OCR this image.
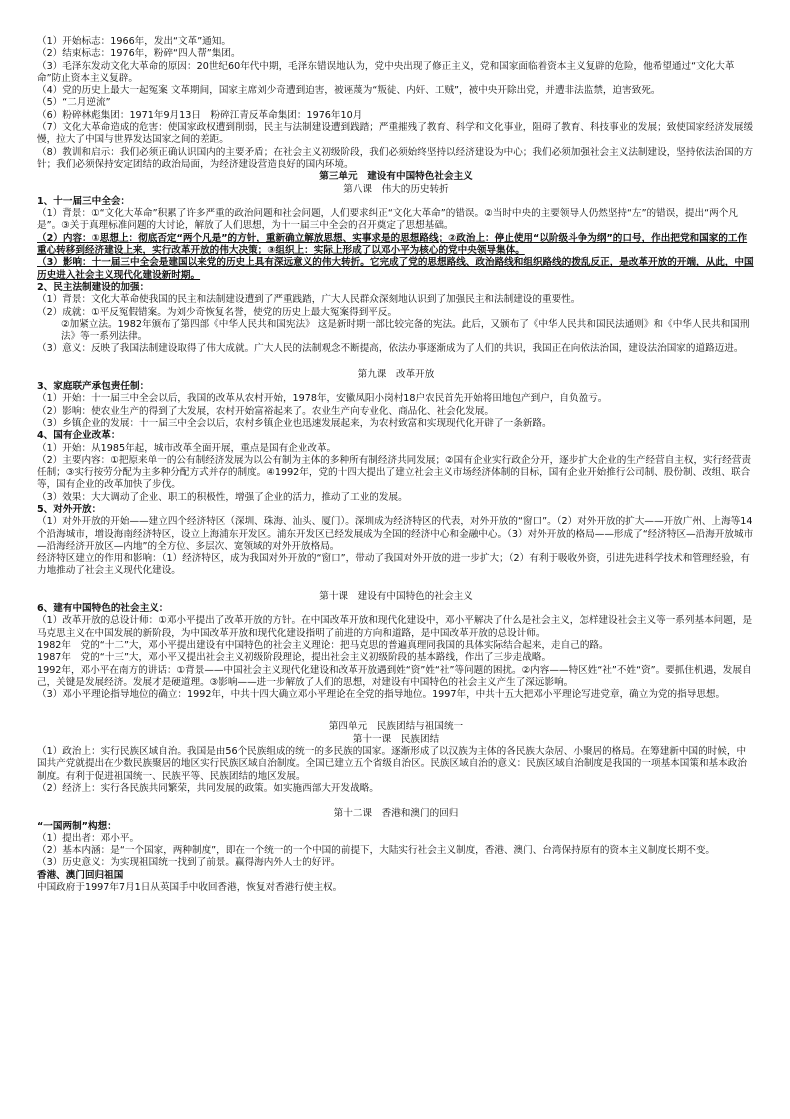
（1）开始标志：1966年，发出“文革”通知。

（2）结束标志：1976年，粉碎“四人帮”集团。

（3）毛泽东发动文化大革命的原因：20世纪60年代中期，毛泽东错误地认为，党中央出现了修正主义，党和国家面临着资本主义复辟的危险，他希望通过“文化大革命”防止资本主义复辟。

（4）党的历史上最大一起冤案 文革期间，国家主席刘少奇遭到迫害，被诬蔑为“叛徒、内奸、工贼”，被中央开除出党，并遭非法监禁，迫害致死。

（5）“二月逆流”

（6）粉碎林彪集团：1971年9月13日　粉碎江青反革命集团：1976年10月

（7）文化大革命造成的危害：使国家政权遭到削弱，民主与法制建设遭到践踏；严重摧残了教育、科学和文化事业，阻碍了教育、科技事业的发展；致使国家经济发展缓慢，拉大了中国与世界发达国家之间的差距。

（8）教训和启示：我们必须正确认识国内的主要矛盾；在社会主义初级阶段，我们必须始终坚持以经济建设为中心；我们必须加强社会主义法制建设，坚持依法治国的方针；我们必须保持安定团结的政治局面，为经济建设营造良好的国内环境。

第三单元　建设有中国特色社会主义

第八课　伟大的历史转折

1、十一届三中全会：

（1）背景：①“文化大革命”积累了许多严重的政治问题和社会问题，人们要求纠正“文化大革命”的错误。②当时中央的主要领导人仍然坚持“左”的错误，提出“两个凡是”。③关于真理标准问题的大讨论，解放了人们思想，为十一届三中全会的召开奠定了思想基础。

（2）内容：①思想上：彻底否定“两个凡是”的方针，重新确立解放思想、实事求是的思想路线；②政治上：停止使用“以阶级斗争为纲”的口号，作出把党和国家的工作重心转移到经济建设上来，实行改革开放的伟大决策；③组织上：实际上形成了以邓小平为核心的党中央领导集体。

（3）影响：十一届三中全会是建国以来党的历史上具有深远意义的伟大转折。它完成了党的思想路线、政治路线和组织路线的拨乱反正，是改革开放的开端，从此，中国历史进入社会主义现代化建设新时期。

2、民主法制建设的加强：

（1）背景：文化大革命使我国的民主和法制建设遭到了严重践踏，广大人民群众深刻地认识到了加强民主和法制建设的重要性。

（2）成就：①平反冤假错案。为刘少奇恢复名誉，使党的历史上最大冤案得到平反。

②加紧立法。1982年颁布了第四部《中华人民共和国宪法》 这是新时期一部比较完备的宪法。此后，又颁布了《中华人民共和国民法通则》和《中华人民共和国刑法》等一系列法律。

（3）意义：反映了我国法制建设取得了伟大成就。广大人民的法制观念不断提高，依法办事逐渐成为了人们的共识，我国正在向依法治国，建设法治国家的道路迈进。

第九课　改革开放

3、家庭联产承包责任制：

（1）开始：十一届三中全会以后，我国的改革从农村开始，1978年，安徽凤阳小岗村18户农民首先开始将田地包产到户，自负盈亏。

（2）影响：使农业生产的得到了大发展，农村开始富裕起来了。农业生产向专业化、商品化、社会化发展。

（3）乡镇企业的发展：十一届三中全会以后，农村乡镇企业也迅速发展起来，为农村致富和实现现代化开辟了一条新路。

4、国有企业改革：

（1）开始：从1985年起，城市改革全面开展，重点是国有企业改革。

（2）主要内容：①把原来单一的公有制经济发展为以公有制为主体的多种所有制经济共同发展；②国有企业实行政企分开，逐步扩大企业的生产经营自主权，实行经营责任制；③实行按劳分配为主多种分配方式并存的制度。④1992年，党的十四大提出了建立社会主义市场经济体制的目标，国有企业开始推行公司制、股份制、改组、联合等，国有企业的改革加快了步伐。

（3）效果：大大调动了企业、职工的积极性，增强了企业的活力，推动了工业的发展。

5、对外开放：

（1）对外开放的开始——建立四个经济特区（深圳、珠海、汕头、厦门）。深圳成为经济特区的代表，对外开放的“窗口”。（2）对外开放的扩大——开放广州、上海等14个沿海城市，增设海南经济特区，设立上海浦东开发区。浦东开发区已经发展成为全国的经济中心和金融中心。（3）对外开放的格局——形成了“经济特区—沿海开放城市—沿海经济开放区—内地”的全方位、多层次、宽领域的对外开放格局。

经济特区建立的作用和影响：（1）经济特区，成为我国对外开放的“窗口”，带动了我国对外开放的进一步扩大；（2）有利于吸收外资，引进先进科学技术和管理经验，有力地推动了社会主义现代化建设。

第十课　建设有中国特色的社会主义

6、建有中国特色的社会主义：

（1）改革开放的总设计师：①邓小平提出了改革开放的方针。在中国改革开放和现代化建设中，邓小平解决了什么是社会主义，怎样建设社会主义等一系列基本问题，是马克思主义在中国发展的新阶段，为中国改革开放和现代化建设指明了前进的方向和道路，是中国改革开放的总设计师。

1982年　党的“十二”大，邓小平提出建设有中国特色的社会主义理论：把马克思的普遍真理同我国的具体实际结合起来，走自己的路。

1987年　党的“十三”大，邓小平又提出社会主义初级阶段理论，提出社会主义初级阶段的基本路线，作出了三步走战略。

1992年，邓小平在南方的讲话：①背景——中国社会主义现代化建设和改革开放遇到姓“资”姓“社”等问题的困扰。②内容——特区姓“社”不姓“资”。要抓住机遇，发展自己，关键是发展经济。发展才是硬道理。③影响——进一步解放了人们的思想，对建设有中国特色的社会主义产生了深远影响。

（3）邓小平理论指导地位的确立：1992年，中共十四大确立邓小平理论在全党的指导地位。1997年，中共十五大把邓小平理论写进党章，确立为党的指导思想。

第四单元　民族团结与祖国统一

第十一课　民族团结

（1）政治上：实行民族区域自治。我国是由56个民族组成的统一的多民族的国家。逐渐形成了以汉族为主体的各民族大杂居、小聚居的格局。在筹建新中国的时候，中国共产党就提出在少数民族聚居的地区实行民族区域自治制度。全国已建立五个省级自治区。民族区域自治的意义：民族区域自治制度是我国的一项基本国策和基本政治制度。有利于促进祖国统一、民族平等、民族团结的地区发展。

（2）经济上：实行各民族共同繁荣，共同发展的政策。如实施西部大开发战略。

第十二课　香港和澳门的回归

“一国两制”构想：

（1）提出者：邓小平。

（2）基本内涵：是“一个国家，两种制度”，即在一个统一的一个中国的前提下，大陆实行社会主义制度，香港、澳门、台湾保持原有的资本主义制度长期不变。

（3）历史意义：为实现祖国统一找到了前景。赢得海内外人士的好评。

香港、澳门回归祖国

中国政府于1997年7月1日从英国手中收回香港，恢复对香港行使主权。
